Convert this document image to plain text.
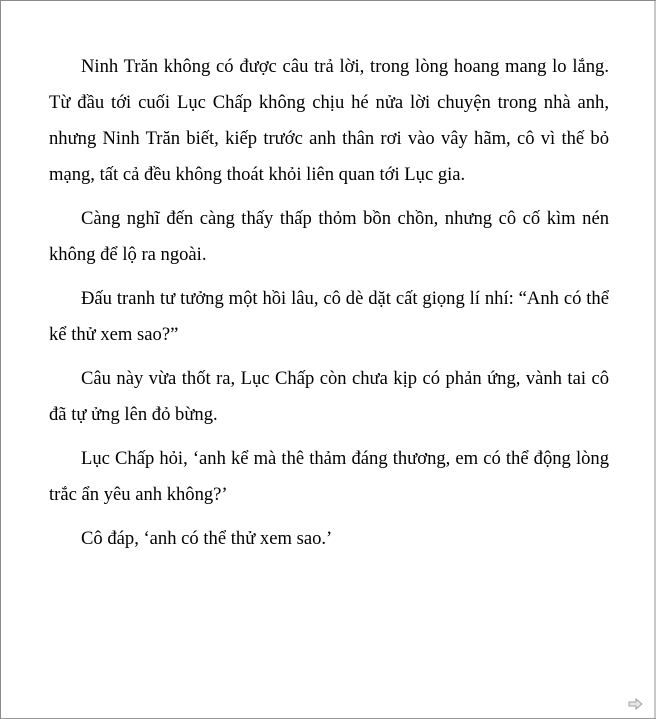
Ninh Trăn không có được câu trả lời, trong lòng hoang mang lo lắng. Từ đầu tới cuối Lục Chấp không chịu hé nửa lời chuyện trong nhà anh, nhưng Ninh Trăn biết, kiếp trước anh thân rơi vào vây hãm, cô vì thế bỏ mạng, tất cả đều không thoát khỏi liên quan tới Lục gia.

Càng nghĩ đến càng thấy thấp thỏm bồn chồn, nhưng cô cố kìm nén không để lộ ra ngoài.

Đấu tranh tư tưởng một hồi lâu, cô dè dặt cất giọng lí nhí: “Anh có thể kể thử xem sao?”

Câu này vừa thốt ra, Lục Chấp còn chưa kịp có phản ứng, vành tai cô đã tự ửng lên đỏ bừng.

Lục Chấp hỏi, ‘anh kể mà thê thảm đáng thương, em có thể động lòng trắc ẩn yêu anh không?’

Cô đáp, ‘anh có thể thử xem sao.’
